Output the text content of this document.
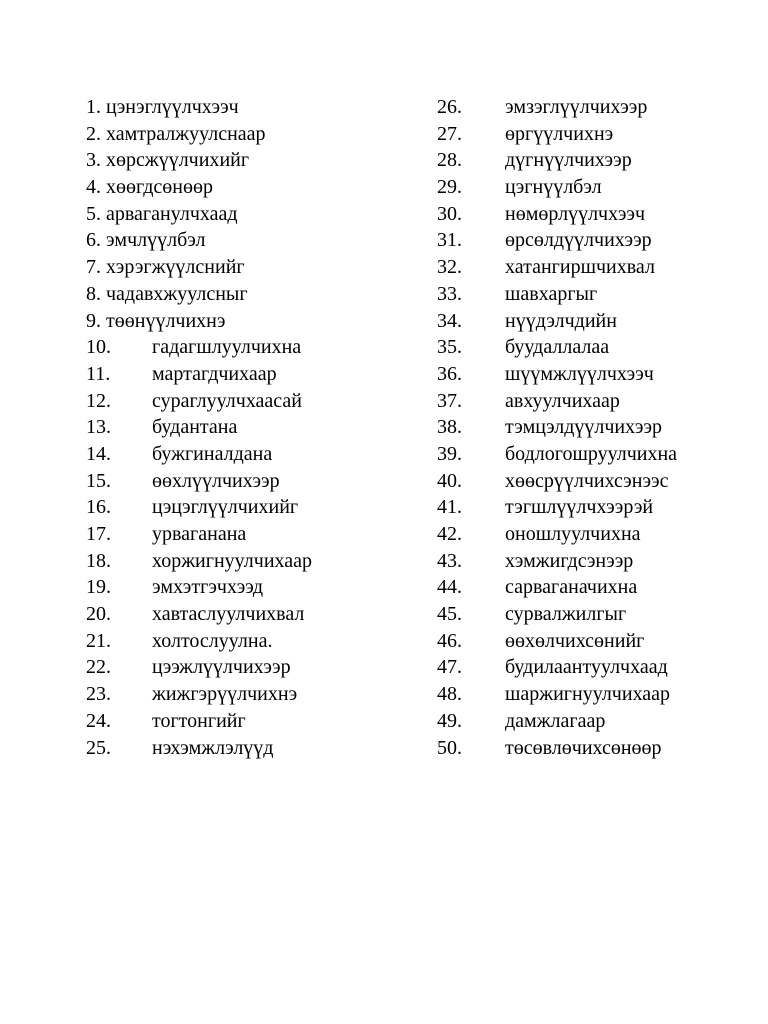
1. цэнэглүүлчхээч
2. хамтралжуулснаар
3. хөрсжүүлчихийг
4. хөөгдсөнөөр
5. арваганулчхаад
6. эмчлүүлбэл
7. хэрэгжүүлснийг
8. чадавхжуулсныг
9. төөнүүлчихнэ
10. гадагшлуулчихна
11. мартагдчихаар
12. сураглуулчхаасай
13. будантана
14. бужгиналдана
15. өөхлүүлчихээр
16. цэцэглүүлчихийг
17. урваганана
18. хоржигнуулчихаар
19. эмхэтгэчхээд
20. хавтаслуулчихвал
21. холтослуулна.
22. цээжлүүлчихээр
23. жижгэрүүлчихнэ
24. тогтонгийг
25. нэхэмжлэлүүд
26. эмзэглүүлчихээр
27. өргүүлчихнэ
28. дүгнүүлчихээр
29. цэгнүүлбэл
30. нөмөрлүүлчхээч
31. өрсөлдүүлчихээр
32. хатангиршчихвал
33. шавхаргыг
34. нүүдэлчдийн
35. буудаллалаа
36. шүүмжлүүлчхээч
37. авхуулчихаар
38. тэмцэлдүүлчихээр
39. бодлогошруулчихна
40. хөөсрүүлчихсэнээс
41. тэгшлүүлчхээрэй
42. оношлуулчихна
43. хэмжигдсэнээр
44. сарваганачихна
45. сурвалжилгыг
46. өөхөлчихсөнийг
47. будилаантуулчхаад
48. шаржигнуулчихаар
49. дамжлагаар
50. төсөвлөчихсөнөөр
